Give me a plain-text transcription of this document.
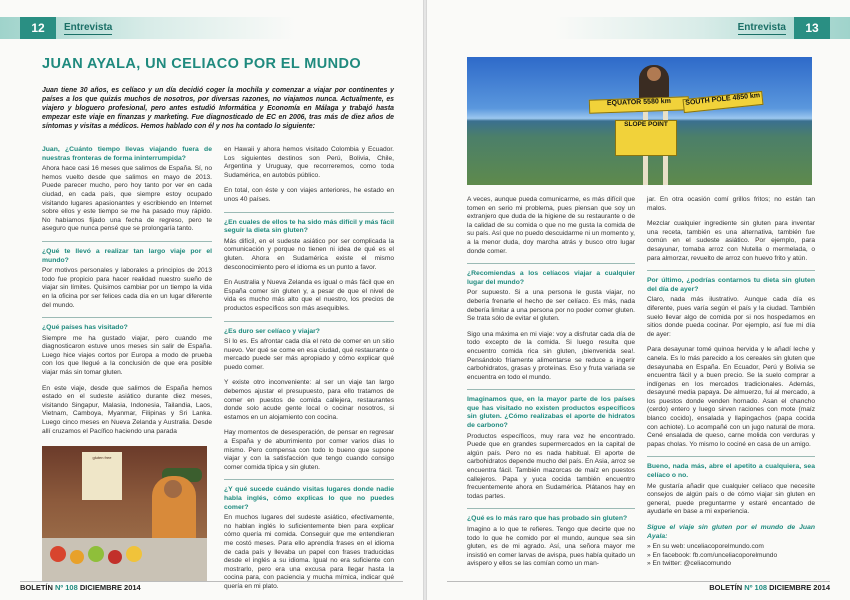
12	Entrevista
JUAN AYALA, UN CELIACO POR EL MUNDO
Juan tiene 30 años, es celíaco y un día decidió coger la mochila y comenzar a viajar por continentes y países a los que quizás muchos de nosotros, por diversas razones, no viajamos nunca. Actualmente, es viajero y bloguero profesional, pero antes estudió Informática y Economía en Málaga y trabajó hasta empezar este viaje en finanzas y marketing. Fue diagnosticado de EC en 2006, tras más de diez años de síntomas y visitas a médicos. Hemos hablado con él y nos ha contado lo siguiente:
Juan, ¿Cuánto tiempo llevas viajando fuera de nuestras fronteras de forma ininterrumpida?

Ahora hace casi 16 meses que salimos de España. Sí, no hemos vuelto desde que salimos en mayo de 2013. Puede parecer mucho, pero hoy tanto por ver en cada ciudad, en cada país, que siempre estoy ocupado visitando lugares apasionantes y escribiendo en Internet sobre ellos y este tiempo se me ha pasado muy rápido. No habíamos fijado una fecha de regreso, pero te aseguro que nunca pensé que se prolongaría tanto.

¿Qué te llevó a realizar tan largo viaje por el mundo?

Por motivos personales y laborales a principios de 2013 todo fue propicio para hacer realidad nuestro sueño de viajar sin límites. Quisimos cambiar por un tiempo la vida en la oficina por ser felices cada día en un lugar diferente del mundo.

¿Qué países has visitado?

Siempre me ha gustado viajar, pero cuando me diagnosticaron estuve unos meses sin salir de España. Luego hice viajes cortos por Europa a modo de prueba con los que llegué a la conclusión de que era posible viajar más sin tomar gluten.

En este viaje, desde que salimos de España hemos estado en el sudeste asiático durante diez meses, visitando Singapur, Malasia, Indonesia, Tailandia, Laos, Vietnam, Camboya, Myanmar, Filipinas y Sri Lanka. Luego cinco meses en Nueva Zelanda y Australia. Desde allí cruzamos el Pacífico haciendo una parada

en Hawaii y ahora hemos visitado Colombia y Ecuador. Los siguientes destinos son Perú, Bolivia, Chile, Argentina y Uruguay, que recorreremos, como toda Sudamérica, en autobús público.

En total, con éste y con viajes anteriores, he estado en unos 40 países.

¿En cuales de ellos te ha sido más difícil y más fácil seguir la dieta sin gluten?

Más difícil, en el sudeste asiático por ser complicada la comunicación y porque no tienen ni idea de qué es el gluten. Ahora en Sudamérica existe el mismo desconocimiento pero el idioma es un punto a favor.

En Australia y Nueva Zelanda es igual o más fácil que en España comer sin gluten y, a pesar de que el nivel de vida es mucho más alto que el nuestro, los precios de productos específicos son más asequibles.

¿Es duro ser celíaco y viajar?

Sí lo es. Es afrontar cada día el reto de comer en un sitio nuevo. Ver qué se come en esa ciudad, qué restaurante o mercado puede ser más apropiado y cómo explicar qué puedo comer.

Y existe otro inconveniente: al ser un viaje tan largo debemos ajustar el presupuesto, para ello tratamos de comer en puestos de comida callejera, restaurantes donde solo acude gente local o cocinar nosotros, si estamos en un alojamiento con cocina.

Hay momentos de desesperación, de pensar en regresar a España y de aburrimiento por comer varios días lo mismo. Pero compensa con todo lo bueno que supone viajar y con la satisfacción que tengo cuando consigo comer comida típica y sin gluten.

¿Y qué sucede cuándo visitas lugares donde nadie habla inglés, cómo explicas lo que no puedes comer?

En muchos lugares del sudeste asiático, efectivamente, no hablan inglés lo suficientemente bien para explicar cómo quería mi comida. Conseguir que me entendieran me costó meses. Para ello aprendía frases en el idioma de cada país y llevaba un papel con frases traducidas desde el inglés a su idioma. Igual no era suficiente con mostrarlo, pero era una excusa para llegar hasta la cocina para, con paciencia y mucha mímica, indicar qué quería en mi plato.

gluten free
BOLETÍN Nº 108 DICIEMBRE 2014
13
Entrevista
EQUATOR 5580 km	SOUTH POLE 4850 km
SLOPE POINT

A veces, aunque pueda comunicarme, es más difícil que tomen en serio mi problema, pues piensan que soy un extranjero que duda de la higiene de su restaurante o de la calidad de su comida o que no me gusta la comida de su país. Así que no puedo descuidarme ni un momento y, a la menor duda, doy marcha atrás y busco otro lugar donde comer.

¿Recomiendas a los celíacos viajar a cualquier lugar del mundo?

Por supuesto. Si a una persona le gusta viajar, no debería frenarle el hecho de ser celíaco. Es más, nada debería limitar a una persona por no poder comer gluten. Se trata sólo de evitar el gluten.

Sigo una máxima en mi viaje: voy a disfrutar cada día de todo excepto de la comida. Si luego resulta que encuentro comida rica sin gluten, ¡bienvenida sea!. Pensándolo fríamente alimentarse se reduce a ingerir carbohidratos, grasas y proteínas. Eso y fruta variada se encuentra en todo el mundo.

Imaginamos que, en la mayor parte de los países que has visitado no existen productos específicos sin gluten. ¿Cómo realizabas el aporte de hidratos de carbono?

Productos específicos, muy rara vez he encontrado. Puede que en grandes supermercados en la capital de algún país. Pero no es nada habitual. El aporte de carbohidratos depende mucho del país. En Asia, arroz se encuentra fácil. También mazorcas de maíz en puestos callejeros. Papa y yuca cocida también encuentro frecuentemente ahora en Sudamérica. Plátanos hay en todas partes.

¿Qué es lo más raro que has probado sin gluten?

Imagino a lo que te refieres. Tengo que decirte que no todo lo que he comido por el mundo, aunque sea sin gluten, es de mi agrado. Así, una señora mayor me insistió en comer larvas de avispa, pues había quitado un avispero y ellos se las comían como un man-

jar. En otra ocasión comí grillos fritos; no están tan malos.

Mezclar cualquier ingrediente sin gluten para inventar una receta, también es una alternativa, también fue común en el sudeste asiático. Por ejemplo, para desayunar, tomaba arroz con Nutella o mermelada, o para almorzar, revuelto de arroz con huevo frito y atún.

Por último, ¿podrías contarnos tu dieta sin gluten del día de ayer?

Claro, nada más ilustrativo. Aunque cada día es diferente, pues varía según el país y la ciudad. También suelo llevar algo de comida por si nos hospedamos en sitios donde pueda cocinar. Por ejemplo, así fue mi día de ayer:

Para desayunar tomé quinoa hervida y le añadí leche y canela. Es lo más parecido a los cereales sin gluten que desayunaba en España. En Ecuador, Perú y Bolivia se encuentra fácil y a buen precio. Se la suelo comprar a indígenas en los mercados tradicionales. Además, desayuné media papaya. De almuerzo, fui al mercado, a los puestos donde venden hornado. Asan el chancho (cerdo) entero y luego sirven raciones con mote (maíz blanco cocido), ensalada y llapingachos (papa cocida con achiote). Lo acompañé con un jugo natural de mora. Cené ensalada de queso, carne molida con verduras y papas cholas. Yo mismo lo cociné en casa de un amigo.

Bueno, nada más, abre el apetito a cualquiera, sea celíaco o no.

Me gustaría añadir que cualquier celíaco que necesite consejos de algún país o de cómo viajar sin gluten en general, puede preguntarme y estaré encantado de ayudarle en base a mi experiencia.

Sigue el viaje sin gluten por el mundo de Juan Ayala:
» En su web: unceliacoporelmundo.com
» En facebook: fb.com/unceliacoporelmundo
» En twitter: @celiacomundo
BOLETÍN Nº 108 DICIEMBRE 2014
